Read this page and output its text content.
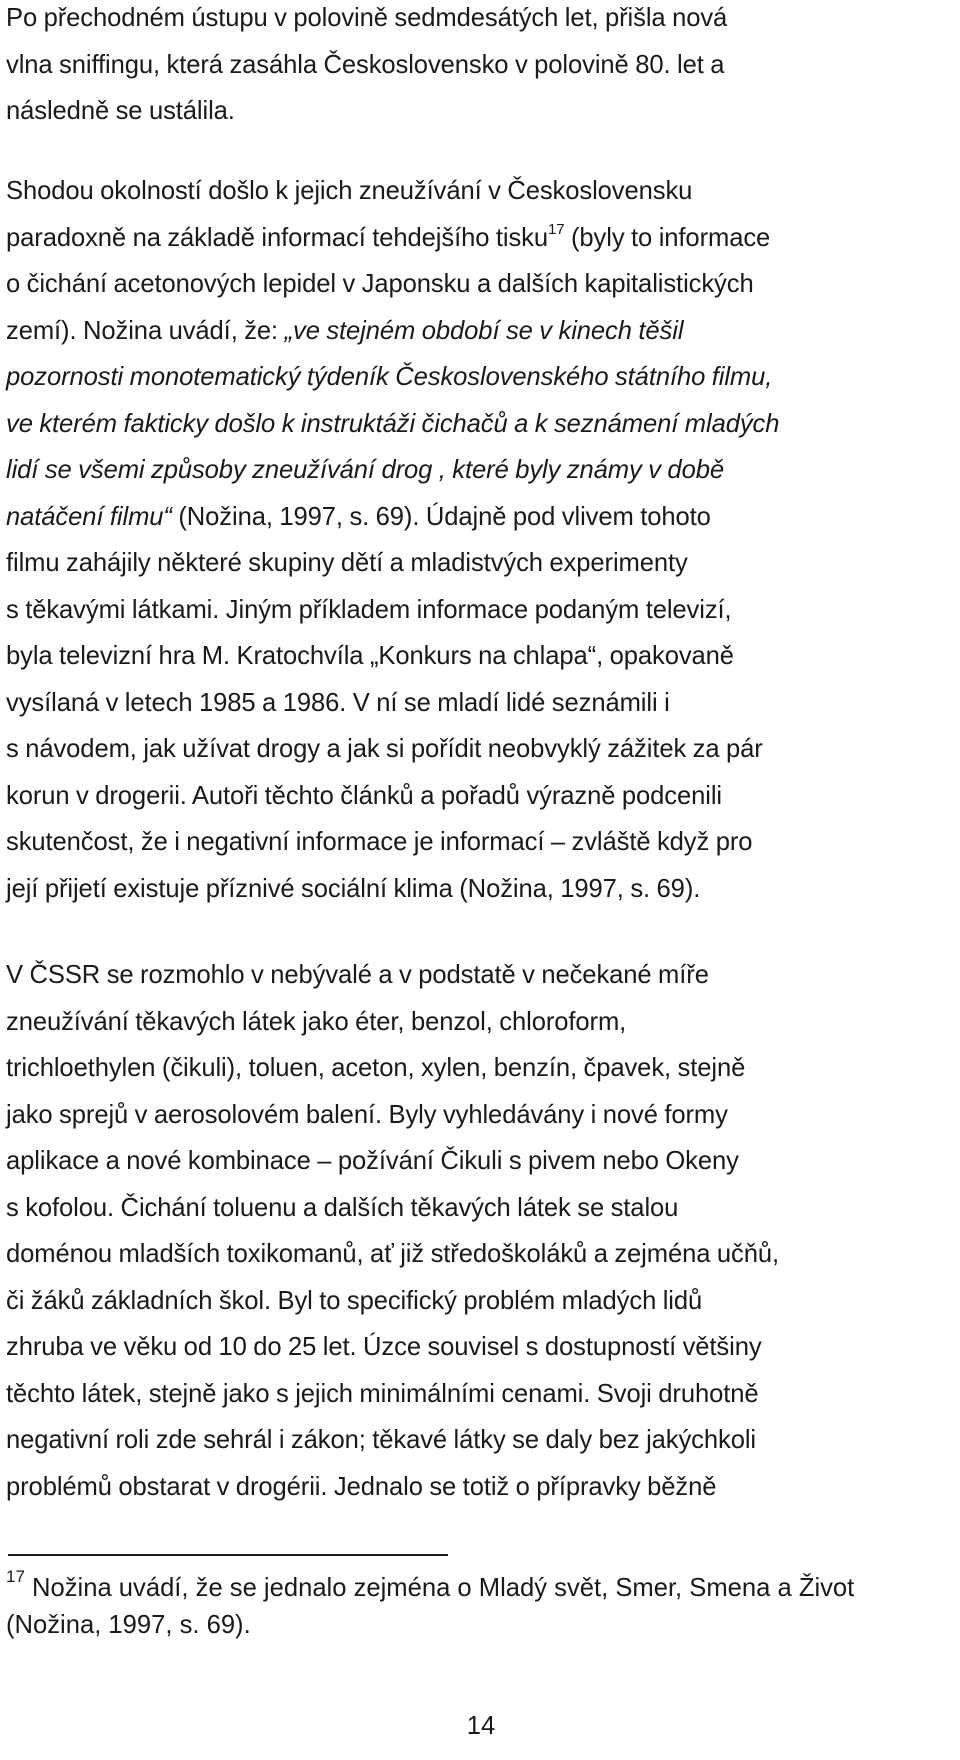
Po přechodném ústupu v polovině sedmdesátých let, přišla nová
vlna sniffingu, která zasáhla Československo v polovině 80. let a
následně se ustálila.

Shodou okolností došlo k jejich zneužívání v Československu
paradoxně na základě informací tehdejšího tisku$^{17}$ (byly to informace
o čichání acetonových lepidel v Japonsku a dalších kapitalistických
zemí). Nožina uvádí, že: „ve stejném období se v kinech těšil
pozornosti monotematický týdeník Československého státního filmu,
ve kterém fakticky došlo k instruktáži čichačů a k seznámení mladých
lidí se všemi způsoby zneužívání drog , které byly známy v době
natáčení filmu“ (Nožina, 1997, s. 69). Údajně pod vlivem tohoto
filmu zahájily některé skupiny dětí a mladistvých experimenty
s těkavými látkami. Jiným příkladem informace podaným televizí,
byla televizní hra M. Kratochvíla „Konkurs na chlapa“, opakovaně
vysílaná v letech 1985 a 1986. V ní se mladí lidé seznámili i
s návodem, jak užívat drogy a jak si pořídit neobvyklý zážitek za pár
korun v drogerii. Autoři těchto článků a pořadů výrazně podcenili
skutenčost, že i negativní informace je informací – zvláště když pro
její přijetí existuje příznivé sociální klima (Nožina, 1997, s. 69).

V ČSSR se rozmohlo v nebývalé a v podstatě v nečekané míře
zneužívání těkavých látek jako éter, benzol, chloroform,
trichloethylen (čikuli), toluen, aceton, xylen, benzín, čpavek, stejně
jako sprejů v aerosolovém balení. Byly vyhledávány i nové formy
aplikace a nové kombinace – požívání Čikuli s pivem nebo Okeny
s kofolou. Čichání toluenu a dalších těkavých látek se stalou
doménou mladších toxikomanů, ať již středoškoláků a zejména učňů,
či žáků základních škol. Byl to specifický problém mladých lidů
zhruba ve věku od 10 do 25 let. Úzce souvisel s dostupností většiny
těchto látek, stejně jako s jejich minimálními cenami. Svoji druhotně
negativní roli zde sehrál i zákon; těkavé látky se daly bez jakýchkoli
problémů obstarat v drogérii. Jednalo se totiž o přípravky běžně

$^{17}$ Nožina uvádí, že se jednalo zejména o Mladý svět, Smer, Smena a Život
(Nožina, 1997, s. 69).

14
